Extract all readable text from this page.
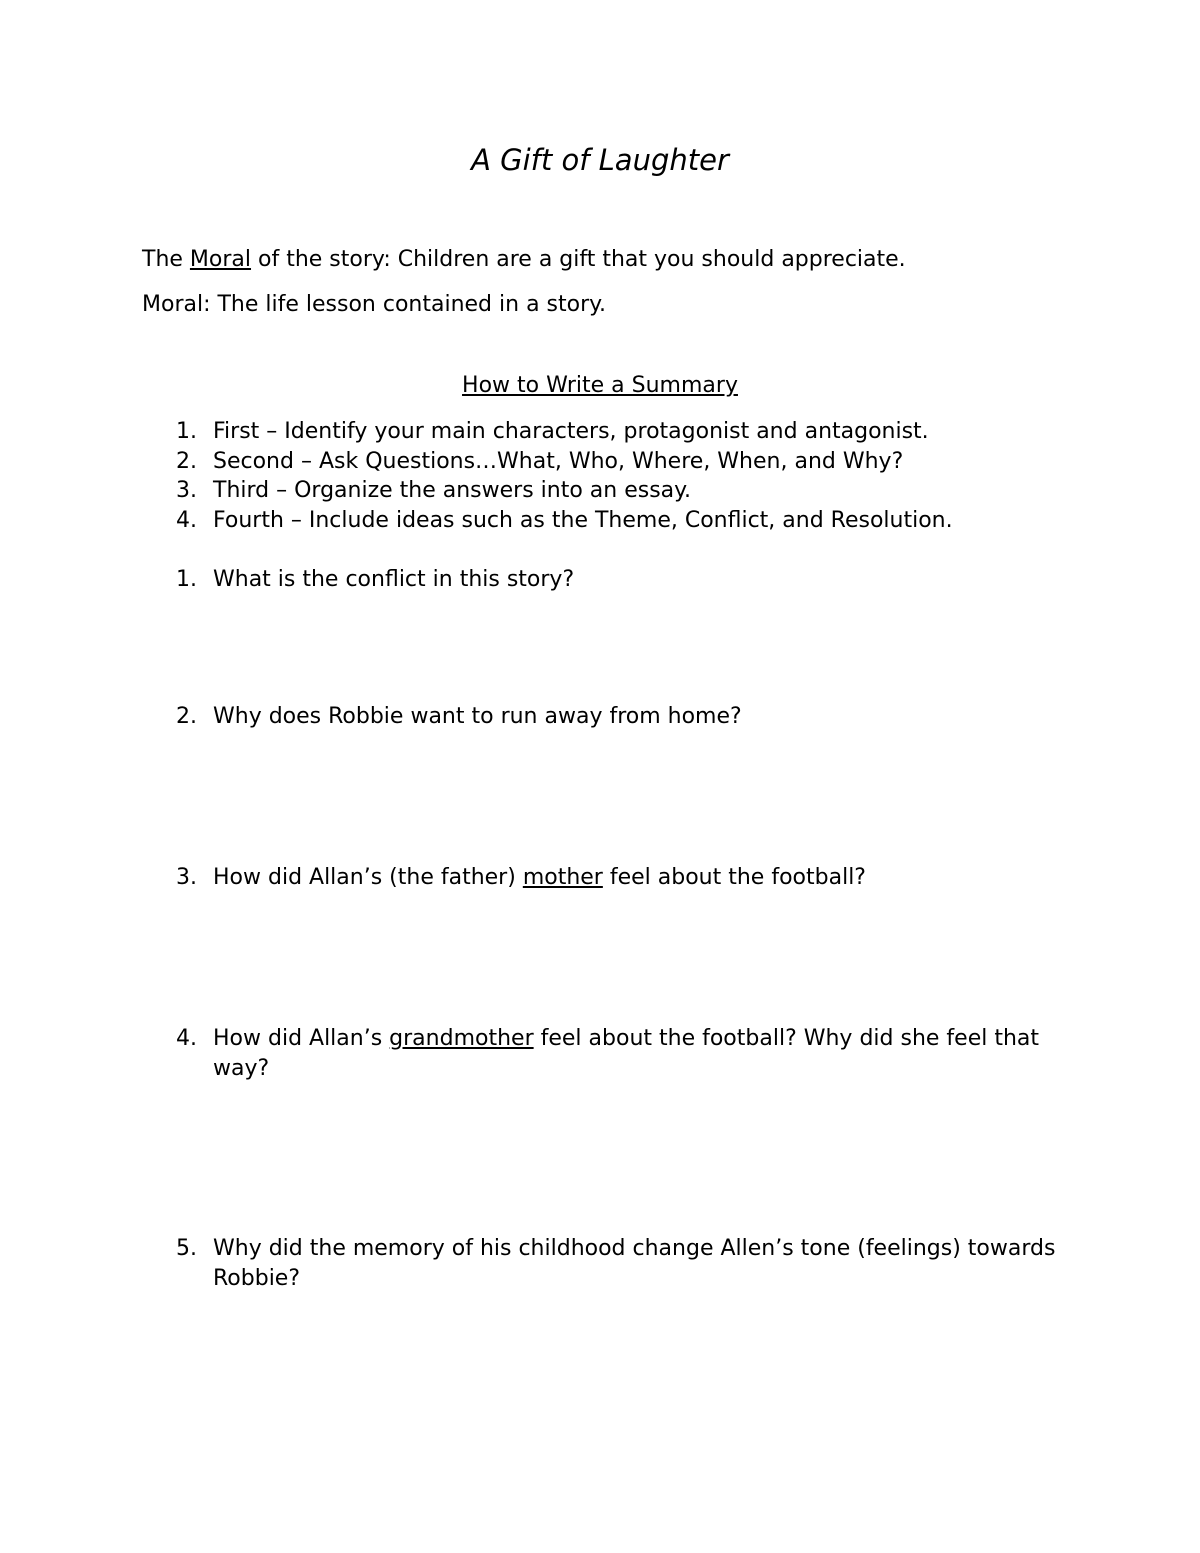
A Gift of Laughter
The Moral of the story: Children are a gift that you should appreciate.
Moral: The life lesson contained in a story.
How to Write a Summary
1. First – Identify your main characters, protagonist and antagonist.
2. Second – Ask Questions…What, Who, Where, When, and Why?
3. Third – Organize the answers into an essay.
4. Fourth – Include ideas such as the Theme, Conflict, and Resolution.
1. What is the conflict in this story?
2. Why does Robbie want to run away from home?
3. How did Allan’s (the father) mother feel about the football?
4. How did Allan’s grandmother feel about the football? Why did she feel that way?
5. Why did the memory of his childhood change Allen’s tone (feelings) towards Robbie?
